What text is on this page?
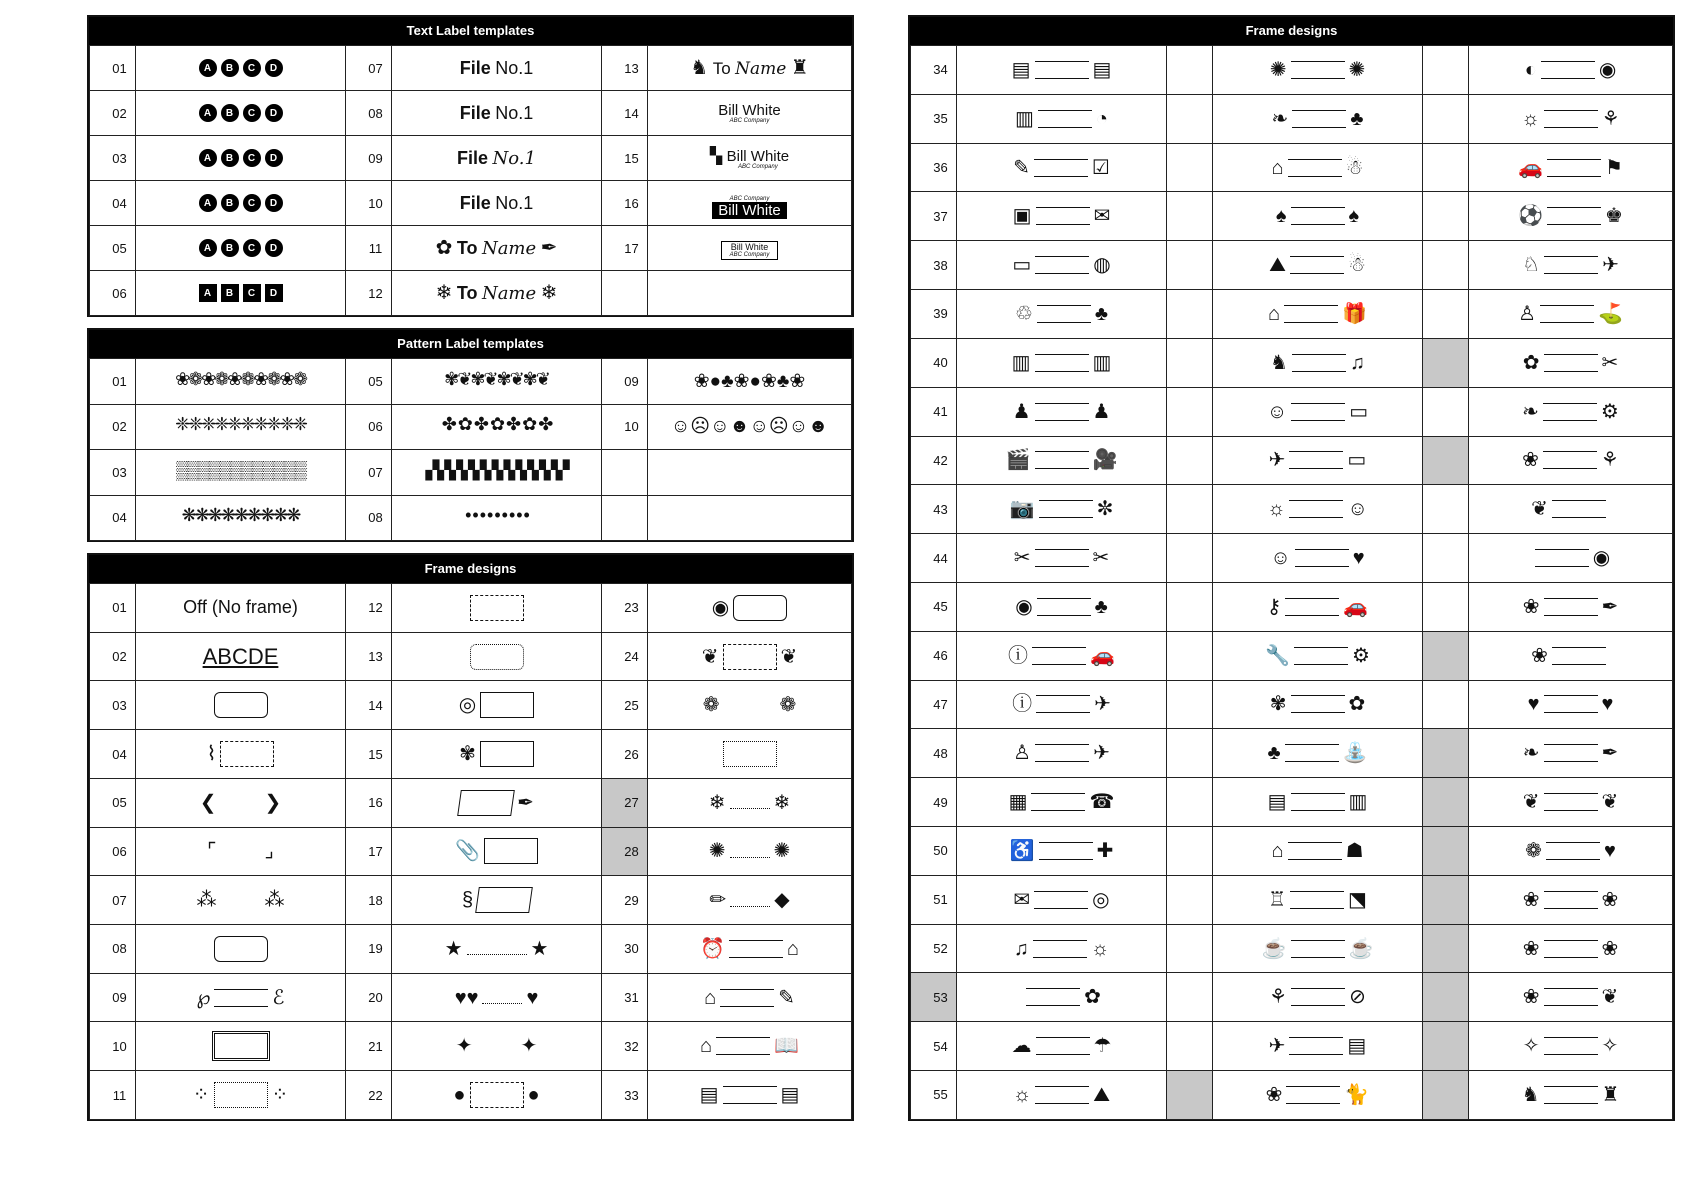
Text Label templates
01	A B C D	07	File No.1	13	♞ To Name ♜
02	A B C D	08	File No.1	14	Bill White
ABC Company

03	A B C D	09	File No.1	15	▚ Bill White
ABC Company

04	A B C D	10	File No.1	16	ABC Company
Bill White

05	A B C D	11	✿ To Name ✒	17	Bill White
ABC Company

06	A B C D	12	❄ To Name ❄		
Pattern Label templates
01	❀❁❀❁❀❁❀❁❀❁	05	✾❦✾❦✾❦✾❦	09	❀●♣❀●❀♣❀
02	❈❈❈❈❈❈❈❈❈❈	06	✤ ✿ ✤ ✿ ✤ ✿ ✤	10	☺☹☺☻☺☹☺☻
03	▒▒▒▒▒▒▒▒▒▒▒▒	07	▞▞▞▞▞▞▞▞▞▞▞▞		
04	❋❋❋❋❋❋❋❋❋	08	• • • • • • • • •		
Frame designs
01	Off (No frame)	12		23	◉

02	ABCDE	13		24	❦ ❦

03		14	◎	25	❁ ❁

04	⌇	15	✾	26	

05	❮ ❯	16	✒	27	❄ ❄

06	⌜ ⌟	17	📎	28	✺ ✺

07	⁂ ⁂	18	§	29	✏ ◆

08		19	★ ★	30	⏰ ⌂

09	℘ ℰ	20	♥♥ ♥	31	⌂ ✎

10		21	✦ ✦	32	⌂ 📖

11	⁘ ⁘	22	● ●	33	▤ ▤
Frame designs
34	▤ ▤		✺ ✺		◐ ◉

35	▥ ◔		❧ ♣		☼ ⚘

36	✎ ☑		⌂ ☃		🚗 ⚑

37	▣ ✉		♠ ♠		⚽ ♚

38	▭ ◍		⛰ ☃		♘ ✈

39	♲ ♣		⌂ 🎁		♙ ⛳

40	▥ ▥		♞ ♫		✿ ✂

41	♟ ♟		☺ ▭		❧ ⚙

42	🎬 🎥		✈ ▭		❀ ⚘

43	📷 ✼		☼ ☺		❦

44	✂ ✂		☺ ♥		◉

45	◉ ♣		⚷ 🚗		❀ ✒

46	ⓘ 🚗		🔧 ⚙		❀

47	ⓘ ✈		✾ ✿		♥ ♥

48	♙ ✈		♣ ⛲		❧ ✒

49	▦ ☎		▤ ▥		❦ ❦

50	♿ ✚		⌂ ☗		❁ ♥

51	✉ ◎		♖ ⬔		❀ ❀

52	♫ ☼		☕ ☕		❀ ❀

53	✿		⚘ ⊘		❀ ❦

54	☁ ☂		✈ ▤		✧ ✧

55	☼ ⛰		❀ 🐈		♞ ♜
